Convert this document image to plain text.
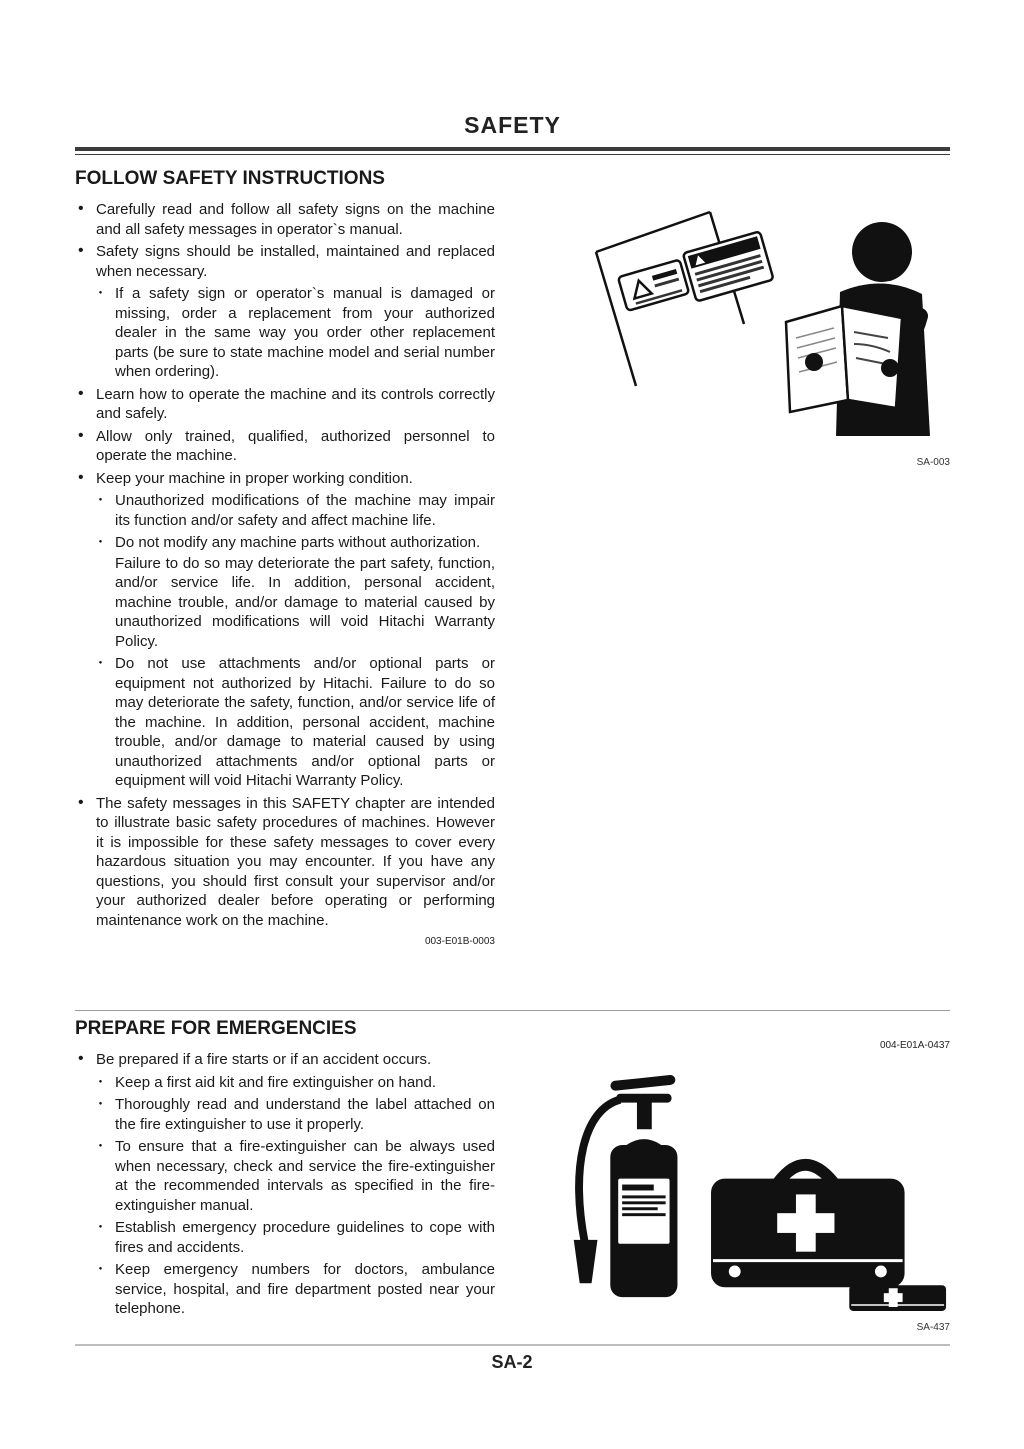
SAFETY
FOLLOW SAFETY INSTRUCTIONS
• Carefully read and follow all safety signs on the machine and all safety messages in operator`s manual.
• Safety signs should be installed, maintained and replaced when necessary.
･ If a safety sign or operator`s manual is damaged or missing, order a replacement from your authorized dealer in the same way you order other replacement parts (be sure to state machine model and serial number when ordering).
• Learn how to operate the machine and its controls correctly and safely.
• Allow only trained, qualified, authorized personnel to operate the machine.
• Keep your machine in proper working condition.
･ Unauthorized modifications of the machine may impair its function and/or safety and affect machine life.
･ Do not modify any machine parts without authorization.
Failure to do so may deteriorate the part safety, function, and/or service life. In addition, personal accident, machine trouble, and/or damage to material caused by unauthorized modifications will void Hitachi Warranty Policy.
･ Do not use attachments and/or optional parts or equipment not authorized by Hitachi. Failure to do so may deteriorate the safety, function, and/or service life of the machine. In addition, personal accident, machine trouble, and/or damage to material caused by using unauthorized attachments and/or optional parts or equipment will void Hitachi Warranty Policy.
• The safety messages in this SAFETY chapter are intended to illustrate basic safety procedures of machines. However it is impossible for these safety messages to cover every hazardous situation you may encounter. If you have any questions, you should first consult your supervisor and/or your authorized dealer before operating or performing maintenance work on the machine.
003-E01B-0003
SA-003
PREPARE FOR EMERGENCIES
004-E01A-0437
• Be prepared if a fire starts or if an accident occurs.
･ Keep a first aid kit and fire extinguisher on hand.
･ Thoroughly read and understand the label attached on the fire extinguisher to use it properly.
･ To ensure that a fire-extinguisher can be always used when necessary, check and service the fire-extinguisher at the recommended intervals as specified in the fire-extinguisher manual.
･ Establish emergency procedure guidelines to cope with fires and accidents.
･ Keep emergency numbers for doctors, ambulance service, hospital, and fire department posted near your telephone.
SA-437
SA-2
